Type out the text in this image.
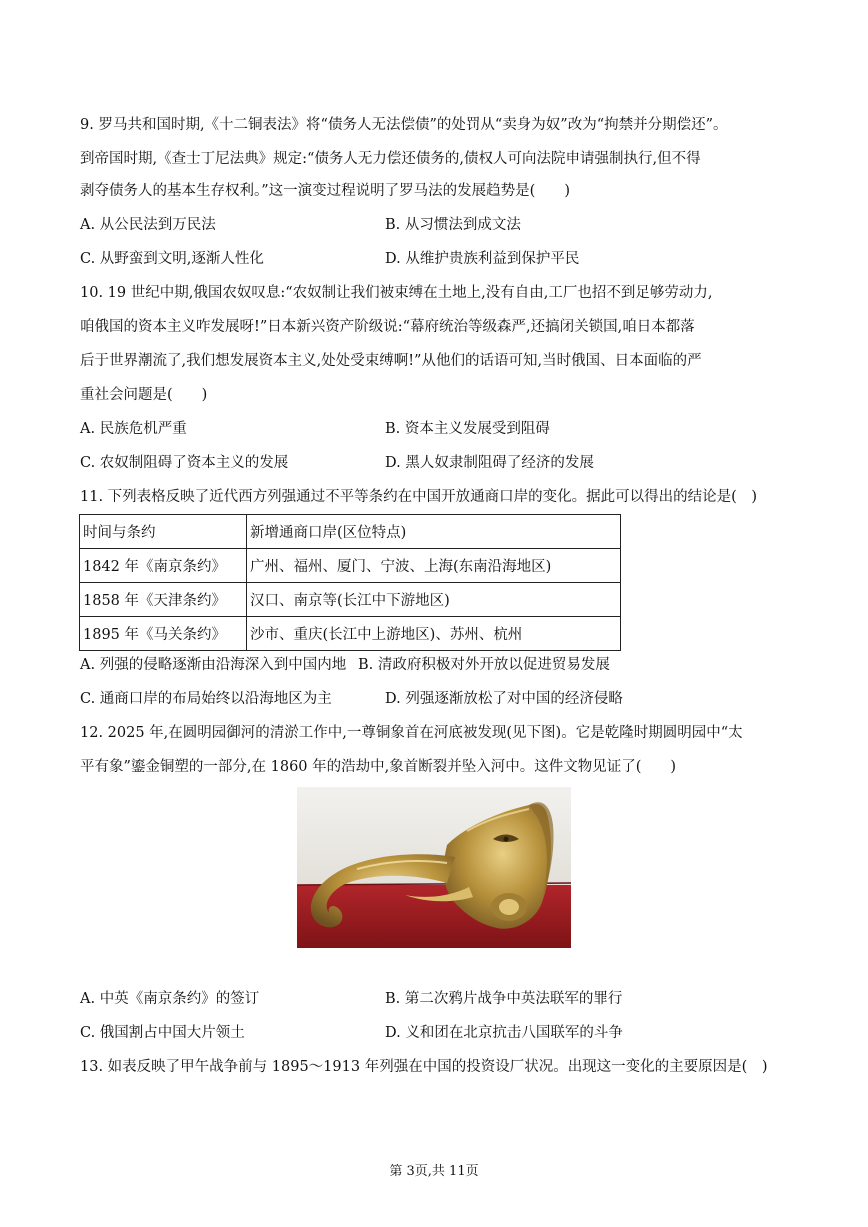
9. 罗马共和国时期,《十二铜表法》将“债务人无法偿债”的处罚从“卖身为奴”改为“拘禁并分期偿还”。
到帝国时期,《查士丁尼法典》规定:“债务人无力偿还债务的,债权人可向法院申请强制执行,但不得
剥夺债务人的基本生存权利。”这一演变过程说明了罗马法的发展趋势是(　　)
A. 从公民法到万民法	B. 从习惯法到成文法
C. 从野蛮到文明,逐渐人性化	D. 从维护贵族利益到保护平民
10. 19 世纪中期,俄国农奴叹息:“农奴制让我们被束缚在土地上,没有自由,工厂也招不到足够劳动力,
咱俄国的资本主义咋发展呀!”日本新兴资产阶级说:“幕府统治等级森严,还搞闭关锁国,咱日本都落
后于世界潮流了,我们想发展资本主义,处处受束缚啊!”从他们的话语可知,当时俄国、日本面临的严
重社会问题是(　　)
A. 民族危机严重	B. 资本主义发展受到阻碍
C. 农奴制阻碍了资本主义的发展	D. 黑人奴隶制阻碍了经济的发展
11. 下列表格反映了近代西方列强通过不平等条约在中国开放通商口岸的变化。据此可以得出的结论是(　)
时间与条约	新增通商口岸(区位特点)
1842 年《南京条约》	广州、福州、厦门、宁波、上海(东南沿海地区)
1858 年《天津条约》	汉口、南京等(长江中下游地区)
1895 年《马关条约》	沙市、重庆(长江中上游地区)、苏州、杭州
A. 列强的侵略逐渐由沿海深入到中国内地 B. 清政府积极对外开放以促进贸易发展
C. 通商口岸的布局始终以沿海地区为主	D. 列强逐渐放松了对中国的经济侵略
12. 2025 年,在圆明园御河的清淤工作中,一尊铜象首在河底被发现(见下图)。它是乾隆时期圆明园中“太
平有象”鎏金铜塑的一部分,在 1860 年的浩劫中,象首断裂并坠入河中。这件文物见证了(　　)
A. 中英《南京条约》的签订	B. 第二次鸦片战争中英法联军的罪行
C. 俄国割占中国大片领土	D. 义和团在北京抗击八国联军的斗争
13. 如表反映了甲午战争前与 1895～1913 年列强在中国的投资设厂状况。出现这一变化的主要原因是(　)
第 3页,共 11页
